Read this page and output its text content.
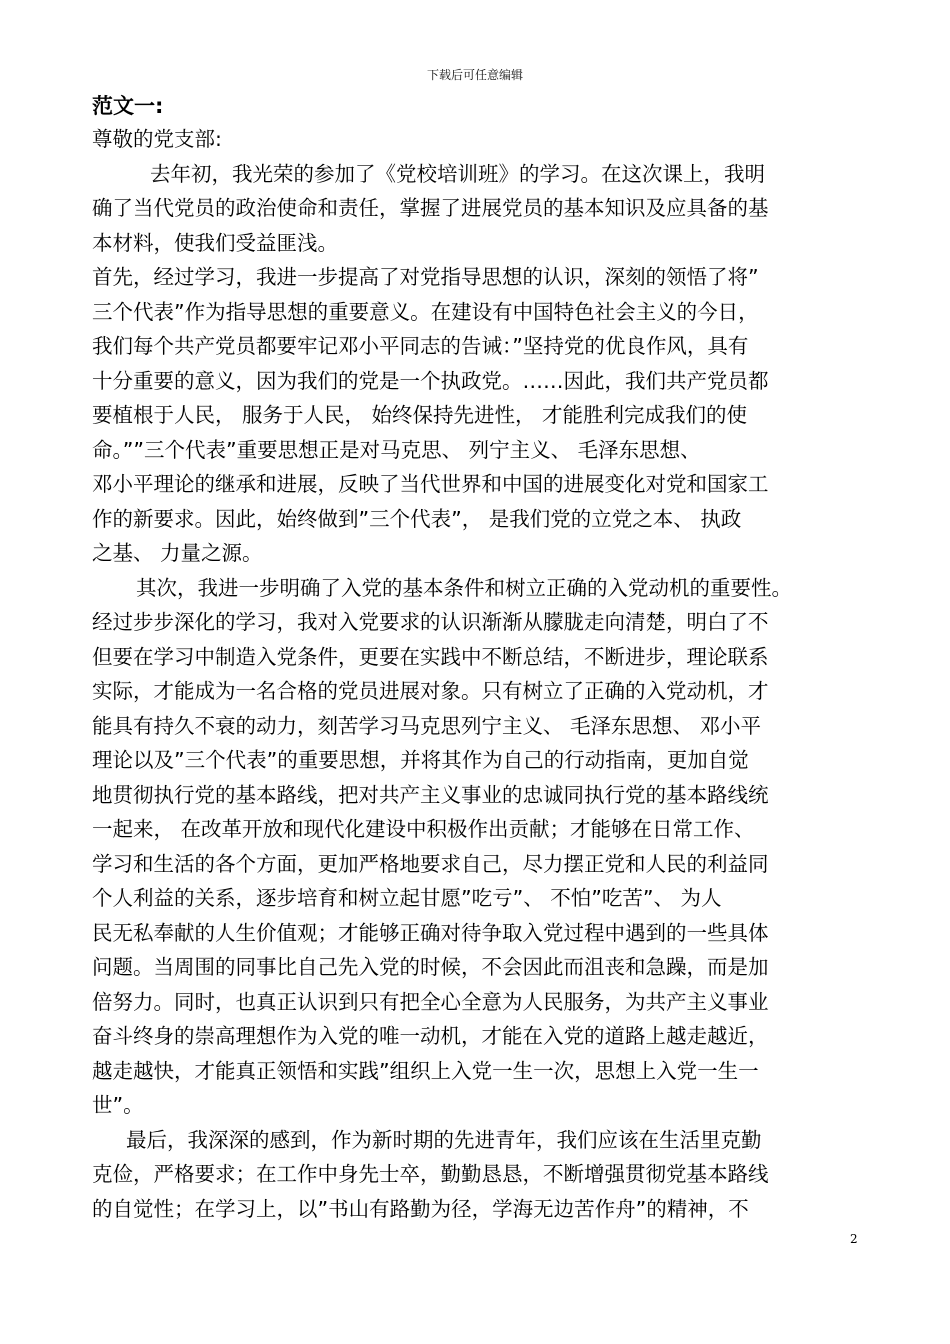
下载后可任意编辑

范文一:

尊敬的党支部:

去年初，我光荣的参加了《党校培训班》的学习。在这次课上，我明

确了当代党员的政治使命和责任，掌握了进展党员的基本知识及应具备的基

本材料，使我们受益匪浅。

首先，经过学习，我进一步提高了对党指导思想的认识，深刻的领悟了将”

三个代表”作为指导思想的重要意义。在建设有中国特色社会主义的今日，

我们每个共产党员都要牢记邓小平同志的告诫：”坚持党的优良作风，具有

十分重要的意义，因为我们的党是一个执政党。……因此，我们共产党员都

要植根于人民， 服务于人民， 始终保持先进性， 才能胜利完成我们的使

命。””三个代表”重要思想正是对马克思、 列宁主义、 毛泽东思想、

邓小平理论的继承和进展，反映了当代世界和中国的进展变化对党和国家工

作的新要求。因此，始终做到”三个代表”， 是我们党的立党之本、 执政

之基、 力量之源。

其次，我进一步明确了入党的基本条件和树立正确的入党动机的重要性。

经过步步深化的学习，我对入党要求的认识渐渐从朦胧走向清楚，明白了不

但要在学习中制造入党条件，更要在实践中不断总结，不断进步，理论联系

实际，才能成为一名合格的党员进展对象。只有树立了正确的入党动机，才

能具有持久不衰的动力，刻苦学习马克思列宁主义、 毛泽东思想、 邓小平

理论以及”三个代表”的重要思想，并将其作为自己的行动指南，更加自觉

地贯彻执行党的基本路线，把对共产主义事业的忠诚同执行党的基本路线统

一起来， 在改革开放和现代化建设中积极作出贡献；才能够在日常工作、

学习和生活的各个方面，更加严格地要求自己，尽力摆正党和人民的利益同

个人利益的关系，逐步培育和树立起甘愿”吃亏”、 不怕”吃苦”、 为人

民无私奉献的人生价值观；才能够正确对待争取入党过程中遇到的一些具体

问题。当周围的同事比自己先入党的时候，不会因此而沮丧和急躁，而是加

倍努力。同时，也真正认识到只有把全心全意为人民服务，为共产主义事业

奋斗终身的崇高理想作为入党的唯一动机，才能在入党的道路上越走越近，

越走越快，才能真正领悟和实践”组织上入党一生一次，思想上入党一生一

世”。

最后，我深深的感到，作为新时期的先进青年，我们应该在生活里克勤

克俭，严格要求；在工作中身先士卒，勤勤恳恳，不断增强贯彻党基本路线

的自觉性；在学习上，以”书山有路勤为径，学海无边苦作舟”的精神，不

2
